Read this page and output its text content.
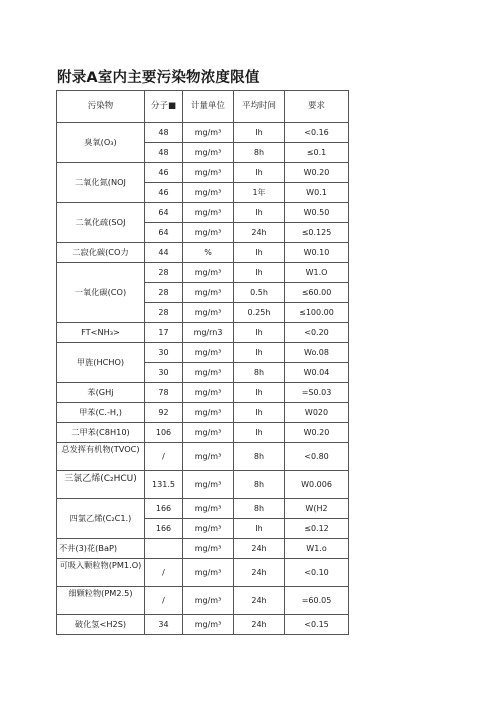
附录A室内主要污染物浓度限值
污染物	分子■	计量单位	平均时间	要求
臭氧(O₃)	48	mg/m³	Ih	<0.16
	48	mg/m³	8h	≤0.1
二氧化氮(NOJ	46	mg/m³	Ih	W0.20
	46	mg/m³	1年	W0.1
二氧化疏(SOJ	64	mg/m³	Ih	W0.50
	64	mg/m³	24h	≤0.125
二寂化碳(CO力	44	%	Ih	W0.10
一氧化碳(CO)	28	mg/m³	Ih	W1.O
	28	mg/m³	0.5h	≤60.00
	28	mg/m³	0.25h	≤100.00
FT<NH₃>	17	mg∕rn3	Ih	<0.20
甲旌(HCHO)	30	mg/m³	Ih	Wo.08
	30	mg/m³	8h	W0.04
苯(GHj	78	mg/m³	Ih	=S0.03
甲苯(C.-H,)	92	mg/m³	Ih	W020
二甲苯(C8H10)	106	mg/m³	Ih	W0.20
总发挥有机物(TVOC)	/	mg/m³	8h	<0.80
三氯乙烯(C₂HCU)	131.5	mg/m³	8h	W0.006
四氯乙烯(C₂C1.)	166	mg/m³	8h	W(H2
	166	mg/m³	Ih	≤0.12
不井(3)花(BaP)		mg/m³	24h	W1.o
可吸入颗粒物(PM1.O)	/	mg/m³	24h	<0.10
细颗粒物(PM2.5)	/	mg/m³	24h	=60.05
破化氢<H2S)	34	mg/m³	24h	<0.15
